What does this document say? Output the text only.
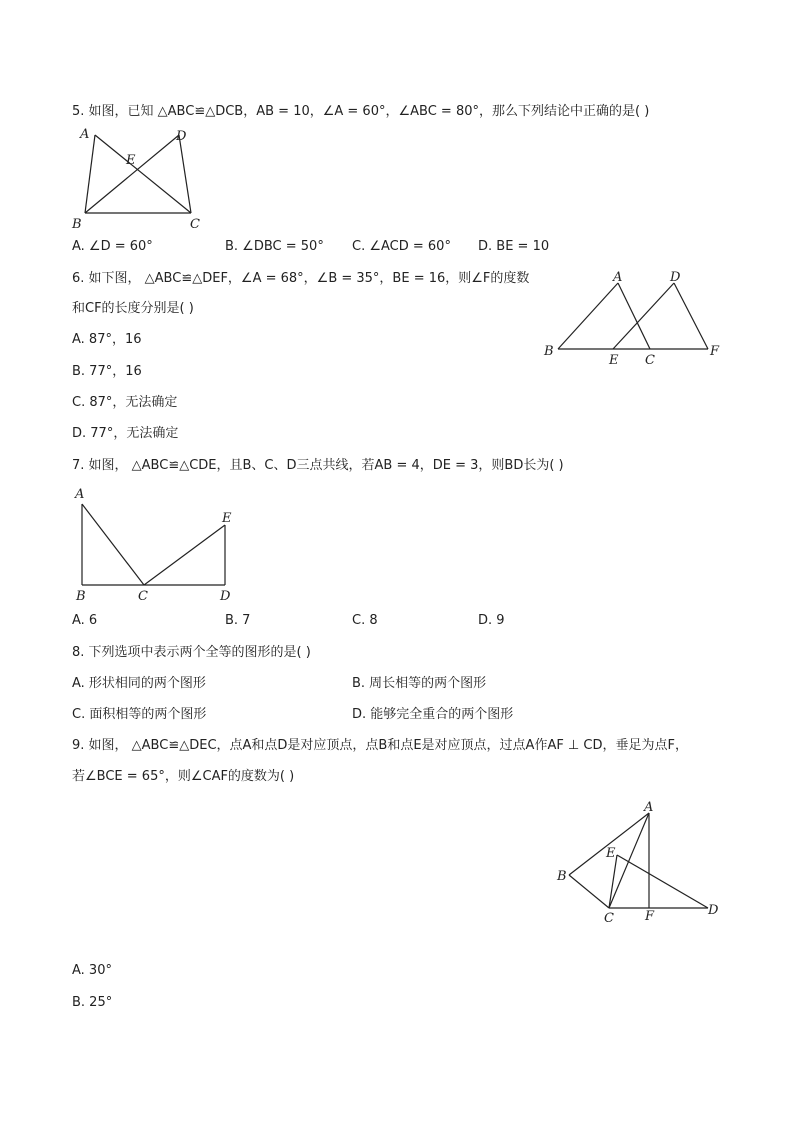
5. 如图，已知 △ABC≌△DCB，AB = 10，∠A = 60°，∠ABC = 80°，那么下列结论中正确的是( )
A	D
E
B	C
A. ∠D = 60°	B. ∠DBC = 50° C. ∠ACD = 60° D. BE = 10
6. 如下图， △ABC≌△DEF，∠A = 68°，∠B = 35°，BE = 16，则∠F的度数
和CF的长度分别是( )
A	D
B
E C
F
A. 87°，16
B. 77°，16
C. 87°，无法确定
D. 77°，无法确定
7. 如图， △ABC≌△CDE，且B、C、D三点共线，若AB = 4，DE = 3，则BD长为( )
A
E
B	C	D
A. 6	B. 7	C. 8	D. 9
8. 下列选项中表示两个全等的图形的是( )
A. 形状相同的两个图形	B. 周长相等的两个图形
C. 面积相等的两个图形	D. 能够完全重合的两个图形
9. 如图， △ABC≌△DEC，点A和点D是对应顶点，点B和点E是对应顶点，过点A作AF ⊥ CD，垂足为点F，
若∠BCE = 65°，则∠CAF的度数为( )
A
E
B
C F	D
A. 30°
B. 25°
